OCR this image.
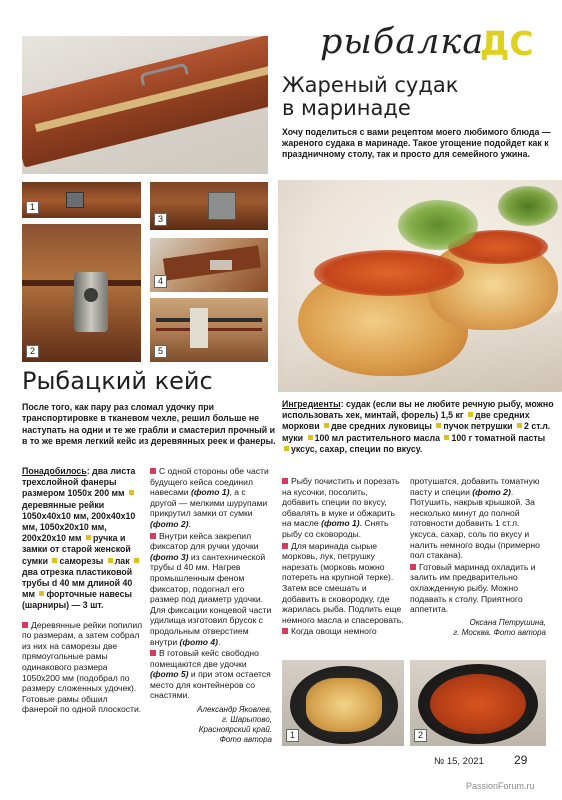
рыбалка
ДС
1
2
3
4
5
Жареный судак
в маринаде
Хочу поделиться с вами рецептом моего любимого блюда — жареного судака в маринаде. Такое угощение подойдет как к праздничному столу, так и просто для семейного ужина.
Рыбацкий кейс
После того, как пару раз сломал удочку при транспортировке в тканевом чехле, решил больше не наступать на одни и те же грабли и смастерил прочный и в то же время легкий кейс из деревянных реек и фанеры.
Ингредиенты: судак (если вы не любите речную рыбу, можно использовать хек, минтай, форель) 1,5 кг две средних моркови две средних луковицы пучок петрушки 2 ст.л. муки 100 мл растительного масла 100 г томатной пасты уксус, сахар, специи по вкусу.

Понадобилось: два листа трехслойной фанеры размером 1050х 200 мм деревянные рейки 1050х40х10 мм, 200х40х10 мм, 1050х20х10 мм, 200х20х10 мм ручка и замки от старой женской сумки саморезы лак два отрезка пластиковой трубы d 40 мм длиной 40 мм форточные навесы (шарниры) — 3 шт.

Деревянные рейки попилил по размерам, а затем собрал из них на саморезы две прямоугольные рамы одинакового размера 1050х200 мм (подобрал по размеру сложенных удочек). Готовые рамы обшил фанерой по одной плоскости.

С одной стороны обе части будущего кейса соединил навесами (фото 1), а с другой — мелкими шурупами прикрутил замки от сумки (фото 2).

Внутри кейса закрепил фиксатор для ручки удочки (фото 3) из сантехнической трубы d 40 мм. Нагрев промышленным феном фиксатор, подогнал его размер под диаметр удочки. Для фиксации концевой части удилища изготовил брусок с продольным отверстием внутри (фото 4).

В готовый кейс свободно помещаются две удочки (фото 5) и при этом остается место для контейнеров со снастями.

Александр Яковлев,
г. Шарыпово,
Красноярский край.
Фото автора

Рыбу почистить и порезать на кусочки, посолить, добавить специи по вкусу, обвалять в муке и обжарить на масле (фото 1). Снять рыбу со сковороды.

Для маринада сырые морковь, лук, петрушку нарезать (морковь можно потереть на крупной терке). Затем все смешать и добавить в сковородку, где жарилась рыба. Подлить еще немного масла и спасеровать.

Когда овощи немного

протушатся, добавить томатную пасту и специи (фото 2). Потушить, накрыв крышкой. За несколько минут до полной готовности добавить 1 ст.л. уксуса, сахар, соль по вкусу и налить немного воды (примерно пол стакана).

Готовый маринад охладить и залить им предварительно охлажденную рыбу. Можно подавать к столу. Приятного аппетита.

Оксана Петрушина,
г. Москва. Фото автора
1	2
№ 15, 2021	29
PassionForum.ru
